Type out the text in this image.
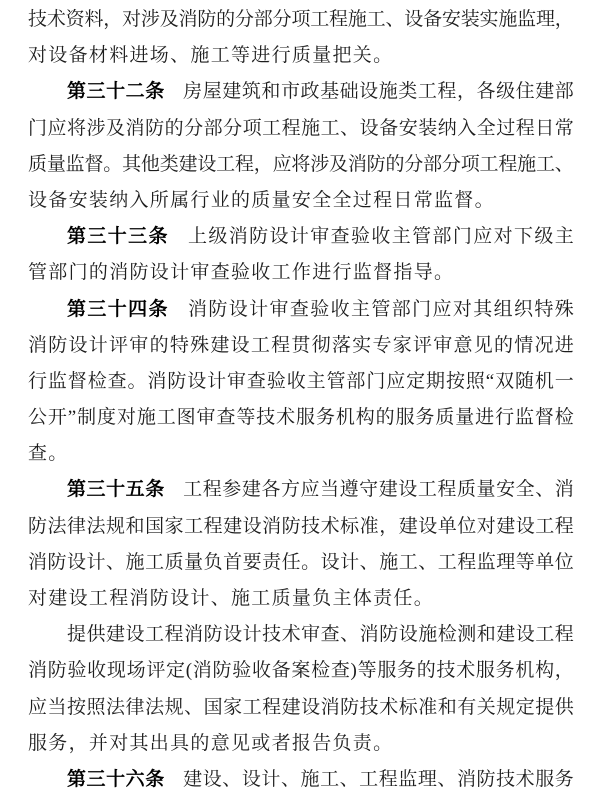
技术资料，对涉及消防的分部分项工程施工、设备安装实施监理，
对设备材料进场、施工等进行质量把关。
第三十二条 房屋建筑和市政基础设施类工程，各级住建部
门应将涉及消防的分部分项工程施工、设备安装纳入全过程日常
质量监督。其他类建设工程，应将涉及消防的分部分项工程施工、
设备安装纳入所属行业的质量安全全过程日常监督。
第三十三条 上级消防设计审查验收主管部门应对下级主
管部门的消防设计审查验收工作进行监督指导。
第三十四条 消防设计审查验收主管部门应对其组织特殊
消防设计评审的特殊建设工程贯彻落实专家评审意见的情况进
行监督检查。消防设计审查验收主管部门应定期按照“双随机一
公开”制度对施工图审查等技术服务机构的服务质量进行监督检
查。
第三十五条 工程参建各方应当遵守建设工程质量安全、消
防法律法规和国家工程建设消防技术标准，建设单位对建设工程
消防设计、施工质量负首要责任。设计、施工、工程监理等单位
对建设工程消防设计、施工质量负主体责任。
提供建设工程消防设计技术审查、消防设施检测和建设工程
消防验收现场评定(消防验收备案检查)等服务的技术服务机构，
应当按照法律法规、国家工程建设消防技术标准和有关规定提供
服务，并对其出具的意见或者报告负责。
第三十六条 建设、设计、施工、工程监理、消防技术服务
